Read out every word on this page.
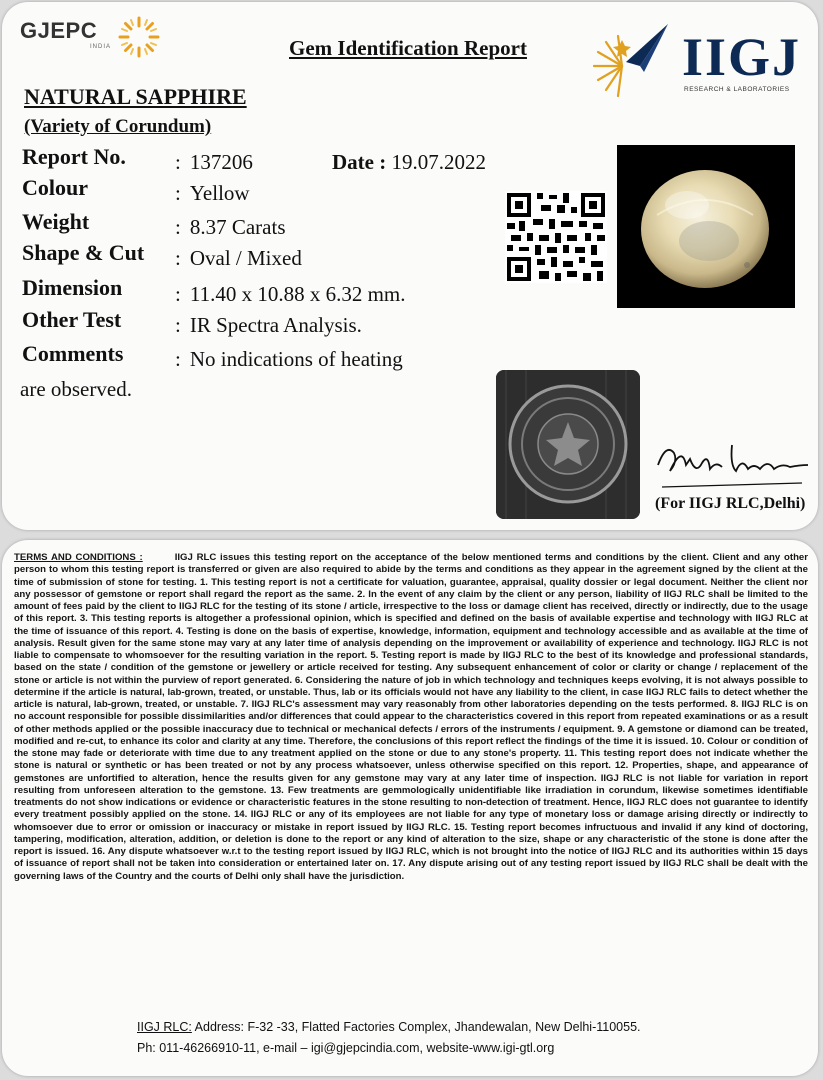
GJEPC
INDIA	Gem Identification Report	IIGJ
RESEARCH & LABORATORIES
NATURAL SAPPHIRE
(Variety of Corundum)
Report No. : 137206	Date : 19.07.2022
Colour	: Yellow
Weight	: 8.37 Carats
Shape & Cut : Oval / Mixed
Dimension	: 11.40 x 10.88 x 6.32 mm.
Other Test	: IR Spectra Analysis.
Comments : No indications of heating
are observed.
(For IIGJ RLC,Delhi)
TERMS AND CONDITIONS :	IIGJ RLC issues this testing report on the acceptance of the below mentioned terms and conditions by the client. Client and any other person to whom this testing report is transferred or given are also required to abide by the terms and conditions as they appear in the agreement signed by the client at the time of submission of stone for testing. 1. This testing report is not a certificate for valuation, guarantee, appraisal, quality dossier or legal document. Neither the client nor any possessor of gemstone or report shall regard the report as the same. 2. In the event of any claim by the client or any person, liability of IIGJ RLC shall be limited to the amount of fees paid by the client to IIGJ RLC for the testing of its stone / article, irrespective to the loss or damage client has received, directly or indirectly, due to the usage of this report. 3. This testing reports is altogether a professional opinion, which is specified and defined on the basis of available expertise and technology with IIGJ RLC at the time of issuance of this report. 4. Testing is done on the basis of expertise, knowledge, information, equipment and technology accessible and as available at the time of analysis. Result given for the same stone may vary at any later time of analysis depending on the improvement or availability of experience and technology. IIGJ RLC is not liable to compensate to whomsoever for the resulting variation in the report. 5. Testing report is made by IIGJ RLC to the best of its knowledge and professional standards, based on the state / condition of the gemstone or jewellery or article received for testing. Any subsequent enhancement of color or clarity or change / replacement of the stone or article is not within the purview of report generated. 6. Considering the nature of job in which technology and techniques keeps evolving, it is not always possible to determine if the article is natural, lab-grown, treated, or unstable. Thus, lab or its officials would not have any liability to the client, in case IIGJ RLC fails to detect whether the article is natural, lab-grown, treated, or unstable. 7. IIGJ RLC's assessment may vary reasonably from other laboratories depending on the tests performed. 8. IIGJ RLC is on no account responsible for possible dissimilarities and/or differences that could appear to the characteristics covered in this report from repeated examinations or as a result of other methods applied or the possible inaccuracy due to technical or mechanical defects / errors of the instruments / equipment. 9. A gemstone or diamond can be treated, modified and re-cut, to enhance its color and clarity at any time. Therefore, the conclusions of this report reflect the findings of the time it is issued. 10. Colour or condition of the stone may fade or deteriorate with time due to any treatment applied on the stone or due to any stone's property. 11. This testing report does not indicate whether the stone is natural or synthetic or has been treated or not by any process whatsoever, unless otherwise specified on this report. 12. Properties, shape, and appearance of gemstones are unfortified to alteration, hence the results given for any gemstone may vary at any later time of inspection. IIGJ RLC is not liable for variation in report resulting from unforeseen alteration to the gemstone. 13. Few treatments are gemmologically unidentifiable like irradiation in corundum, likewise sometimes identifiable treatments do not show indications or evidence or characteristic features in the stone resulting to non-detection of treatment. Hence, IIGJ RLC does not guarantee to identify every treatment possibly applied on the stone. 14. IIGJ RLC or any of its employees are not liable for any type of monetary loss or damage arising directly or indirectly to whomsoever due to error or omission or inaccuracy or mistake in report issued by IIGJ RLC. 15. Testing report becomes infructuous and invalid if any kind of doctoring, tampering, modification, alteration, addition, or deletion is done to the report or any kind of alteration to the size, shape or any characteristic of the stone is done after the report is issued. 16. Any dispute whatsoever w.r.t to the testing report issued by IIGJ RLC, which is not brought into the notice of IIGJ RLC and its authorities within 15 days of issuance of report shall not be taken into consideration or entertained later on. 17. Any dispute arising out of any testing report issued by IIGJ RLC shall be dealt with the governing laws of the Country and the courts of Delhi only shall have the jurisdiction.
IIGJ RLC: Address: F-32 -33, Flatted Factories Complex, Jhandewalan, New Delhi-110055.
Ph: 011-46266910-11, e-mail – igi@gjepcindia.com, website-www.igi-gtl.org
